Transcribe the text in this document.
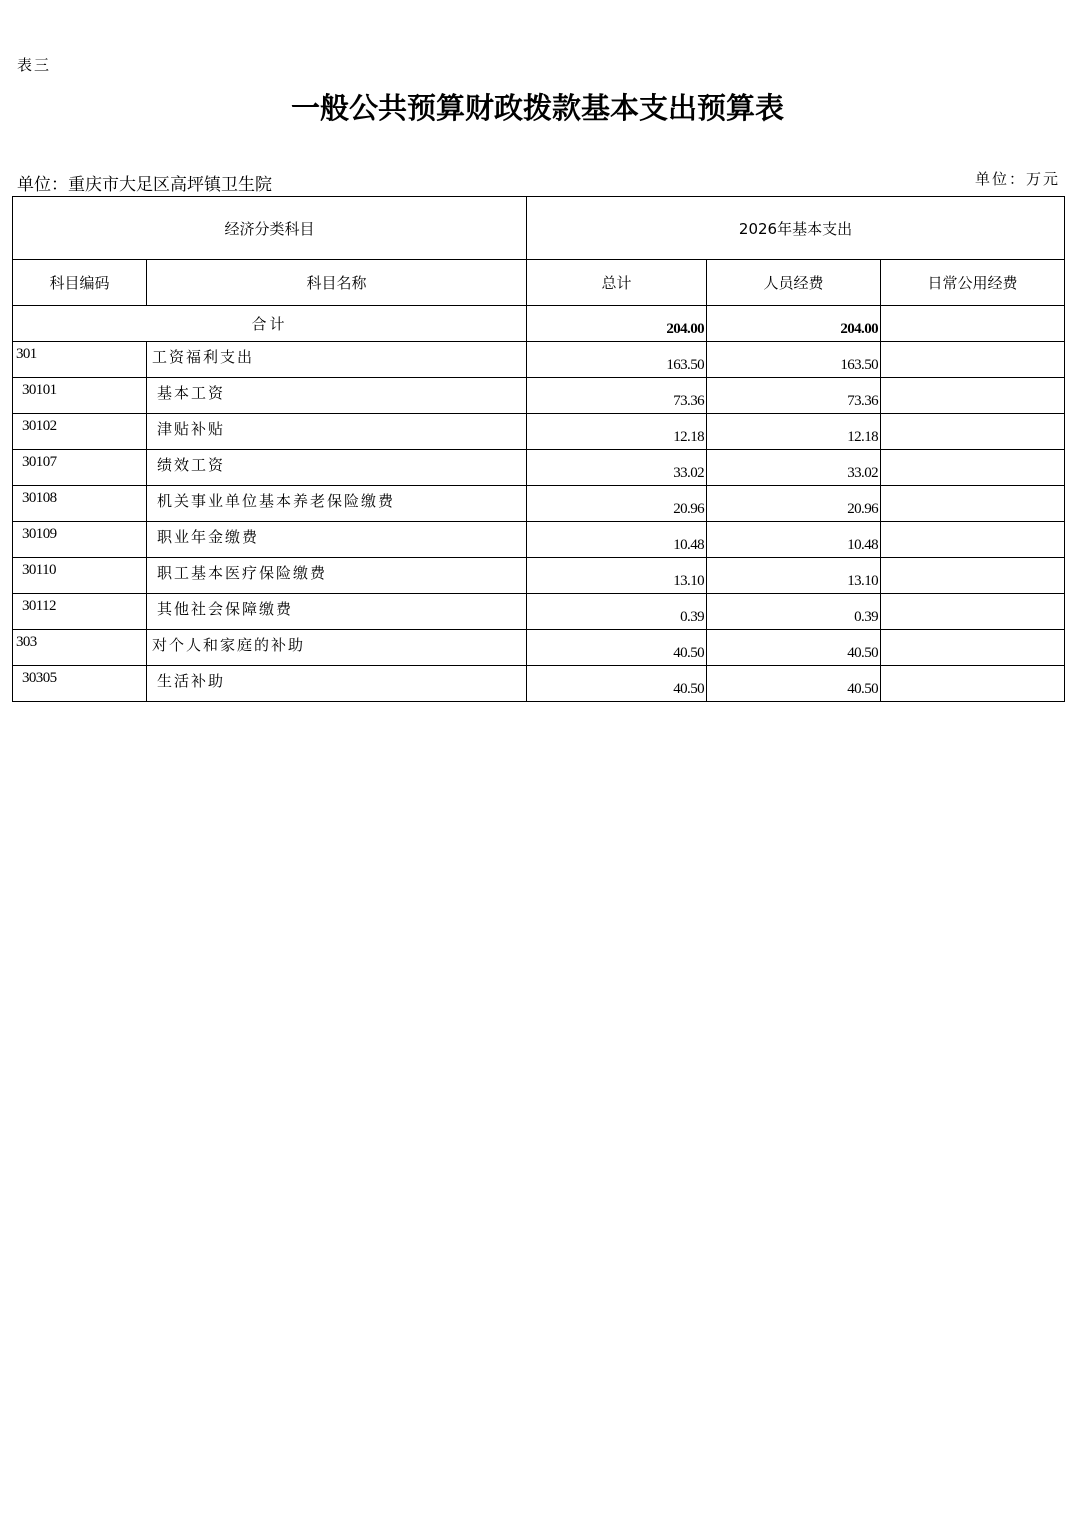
表三
一般公共预算财政拨款基本支出预算表
单位：重庆市大足区高坪镇卫生院	单位：万元
经济分类科目		2026年基本支出		
科目编码	科目名称	总计	人员经费	日常公用经费
合计		204.00	204.00	
301	工资福利支出	163.50	163.50	
30101	基本工资	73.36	73.36	
30102	津贴补贴	12.18	12.18	
30107	绩效工资	33.02	33.02	
30108	机关事业单位基本养老保险缴费	20.96	20.96	
30109	职业年金缴费	10.48	10.48	
30110	职工基本医疗保险缴费	13.10	13.10	
30112	其他社会保障缴费	0.39	0.39	
303	对个人和家庭的补助	40.50	40.50	
30305	生活补助	40.50	40.50	
